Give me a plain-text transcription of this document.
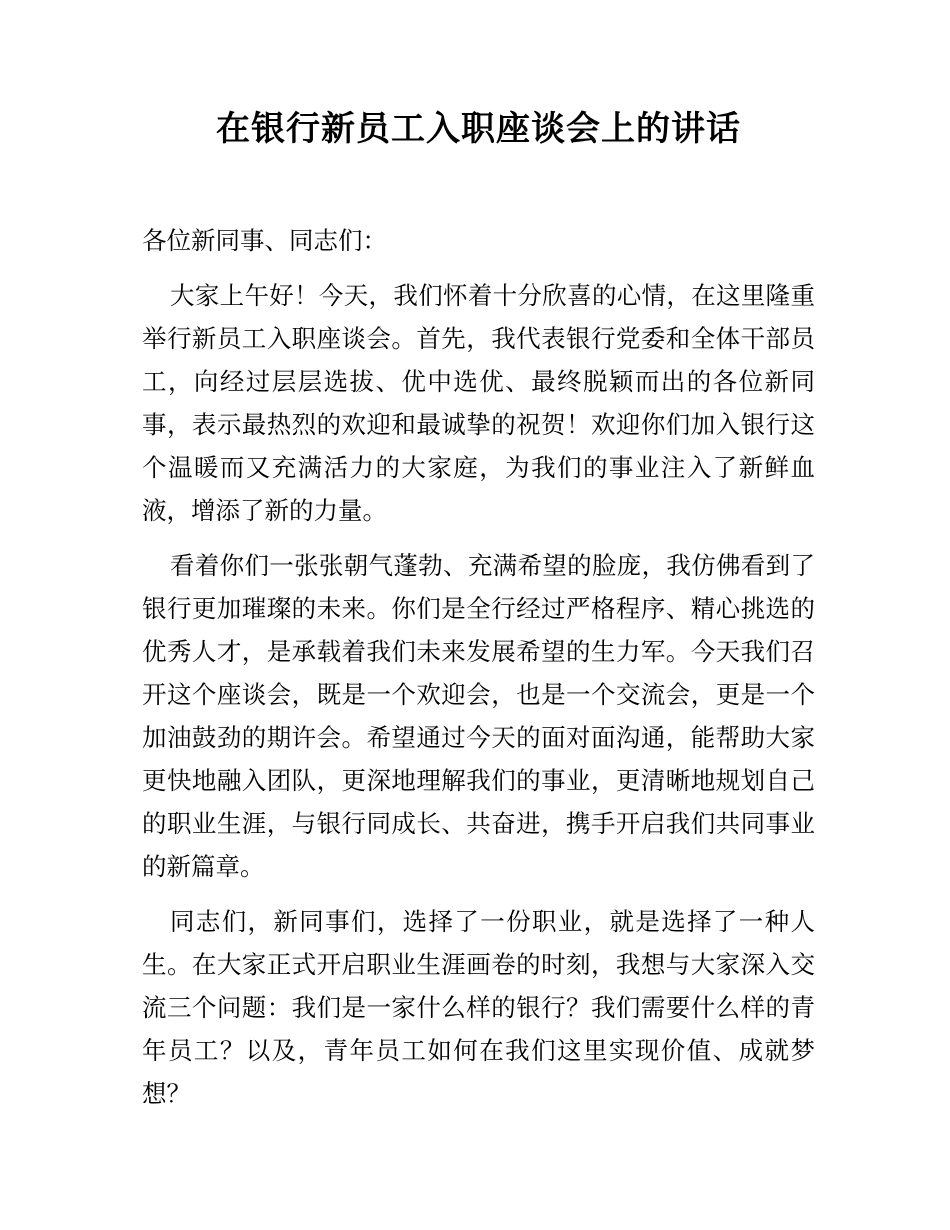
在银行新员工入职座谈会上的讲话

各位新同事、同志们：

大家上午好！今天，我们怀着十分欣喜的心情，在这里隆重举行新员工入职座谈会。首先，我代表银行党委和全体干部员工，向经过层层选拔、优中选优、最终脱颖而出的各位新同事，表示最热烈的欢迎和最诚挚的祝贺！欢迎你们加入银行这个温暖而又充满活力的大家庭，为我们的事业注入了新鲜血液，增添了新的力量。

看着你们一张张朝气蓬勃、充满希望的脸庞，我仿佛看到了银行更加璀璨的未来。你们是全行经过严格程序、精心挑选的优秀人才，是承载着我们未来发展希望的生力军。今天我们召开这个座谈会，既是一个欢迎会，也是一个交流会，更是一个加油鼓劲的期许会。希望通过今天的面对面沟通，能帮助大家更快地融入团队，更深地理解我们的事业，更清晰地规划自己的职业生涯，与银行同成长、共奋进，携手开启我们共同事业的新篇章。

同志们，新同事们，选择了一份职业，就是选择了一种人生。在大家正式开启职业生涯画卷的时刻，我想与大家深入交流三个问题：我们是一家什么样的银行？我们需要什么样的青年员工？以及，青年员工如何在我们这里实现价值、成就梦想？
